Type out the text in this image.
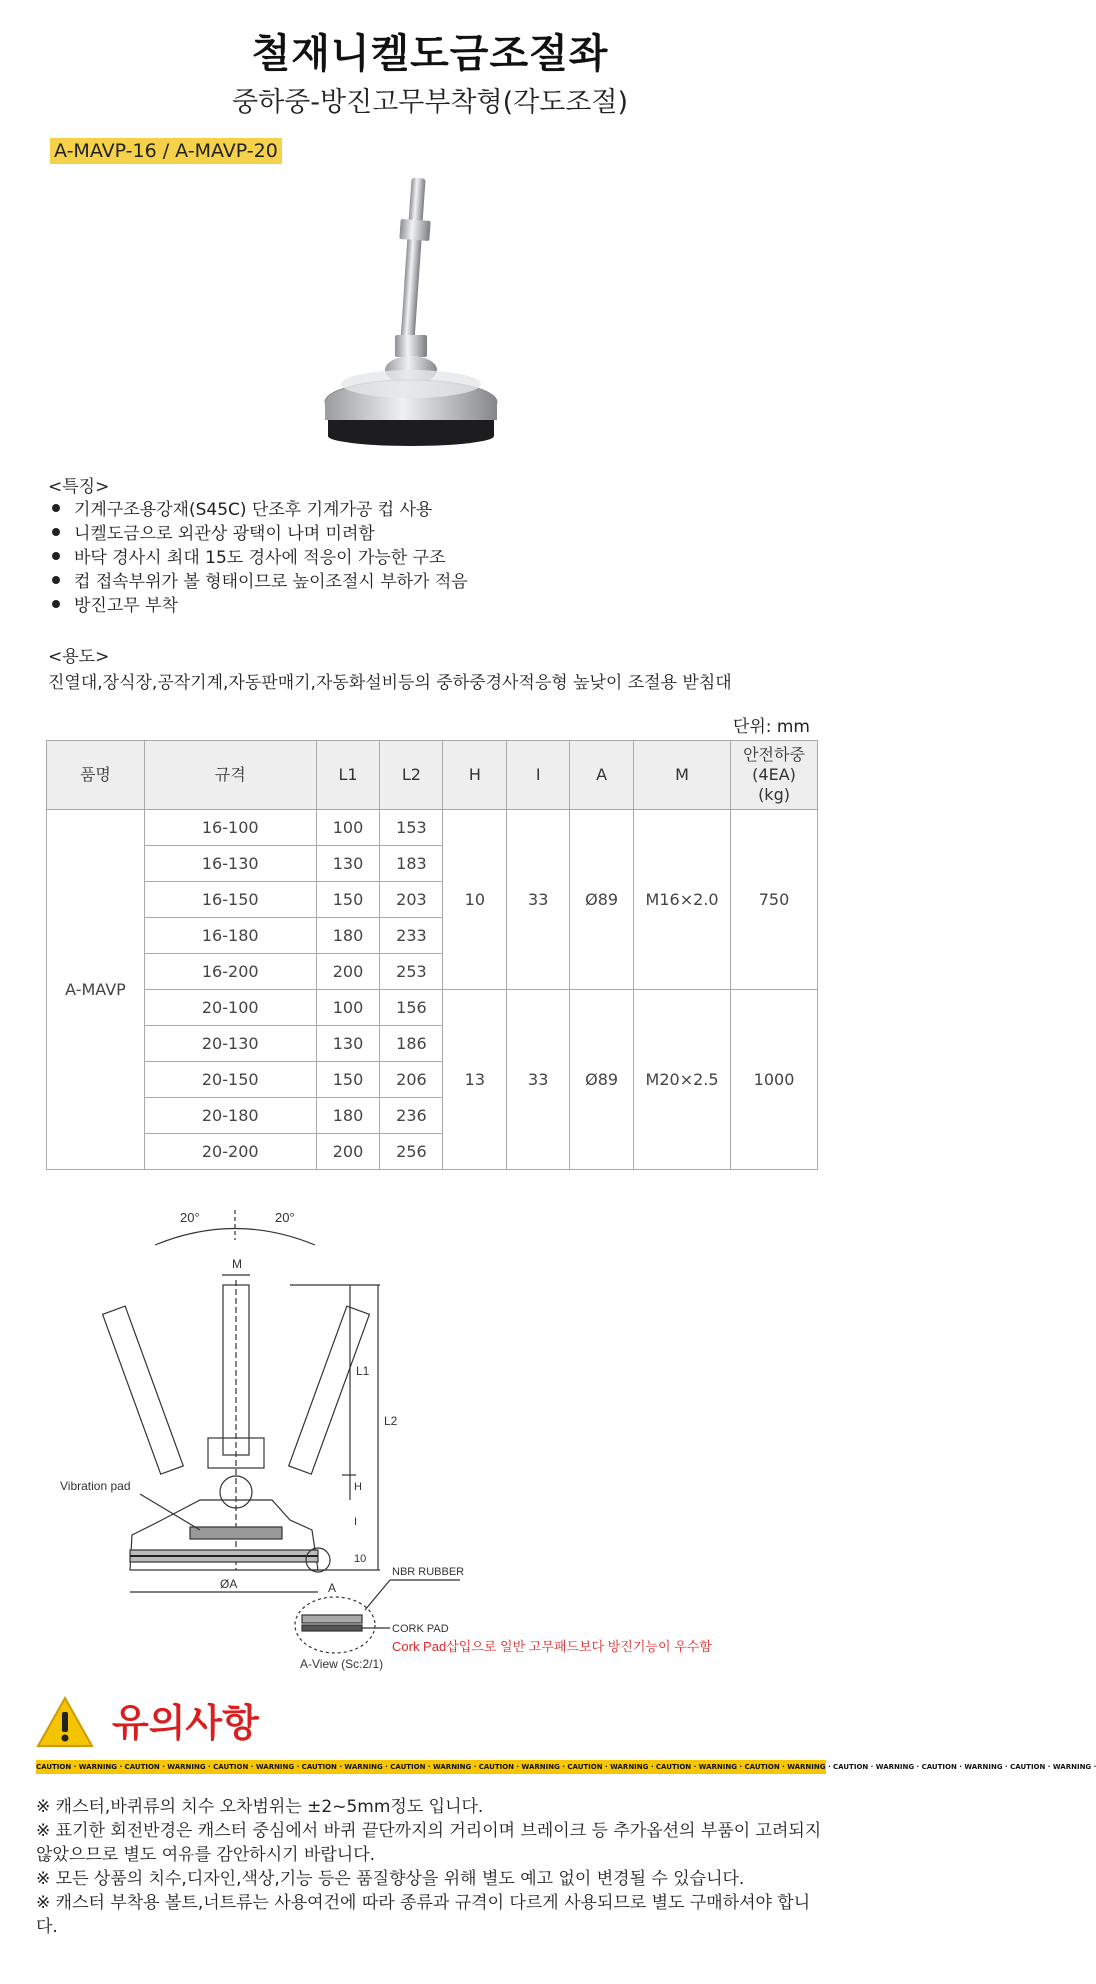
철재니켈도금조절좌
중하중-방진고무부착형(각도조절)
A-MAVP-16 / A-MAVP-20
<특징>
기계구조용강재(S45C) 단조후 기계가공 컵 사용
니켈도금으로 외관상 광택이 나며 미려함
바닥 경사시 최대 15도 경사에 적응이 가능한 구조
컵 접속부위가 볼 형태이므로 높이조절시 부하가 적음
방진고무 부착
<용도>
진열대,장식장,공작기계,자동판매기,자동화설비등의 중하중경사적응형 높낮이 조절용 받침대
단위: mm
품명	규격	L1	L2	H	I	A	M	안전하중
(4EA)
(kg)

A-MAVP	16-100	100	153	10	33	Ø89	M16×2.0	750
	16-130	130	183					
	16-150	150	203					
	16-180	180	233					
	16-200	200	253					
	20-100	100	156	13	33	Ø89	M20×2.5	1000
	20-130	130	186					
	20-150	150	206					
	20-180	180	236					
	20-200	200	256					
20°	20°
M
Vibration pad
L1
L2
H
I
10
ØA	A
NBR RUBBER
CORK PAD
Cork Pad삽입으로 일반 고무패드보다 방진기능이 우수함
A-View (Sc:2/1)
유의사항
CAUTION · WARNING · CAUTION · WARNING · CAUTION · WARNING · CAUTION · WARNING · CAUTION · WARNING · CAUTION · WARNING · CAUTION · WARNING · CAUTION · WARNING · CAUTION · WARNING · CAUTION · WARNING · CAUTION · WARNING · CAUTION · WARNING ·

※ 캐스터,바퀴류의 치수 오차범위는 ±2~5mm정도 입니다.

※ 표기한 회전반경은 캐스터 중심에서 바퀴 끝단까지의 거리이며 브레이크 등 추가옵션의 부품이 고려되지 않았으므로 별도 여유를 감안하시기 바랍니다.

※ 모든 상품의 치수,디자인,색상,기능 등은 품질향상을 위해 별도 예고 없이 변경될 수 있습니다.

※ 캐스터 부착용 볼트,너트류는 사용여건에 따라 종류과 규격이 다르게 사용되므로 별도 구매하셔야 합니다.
